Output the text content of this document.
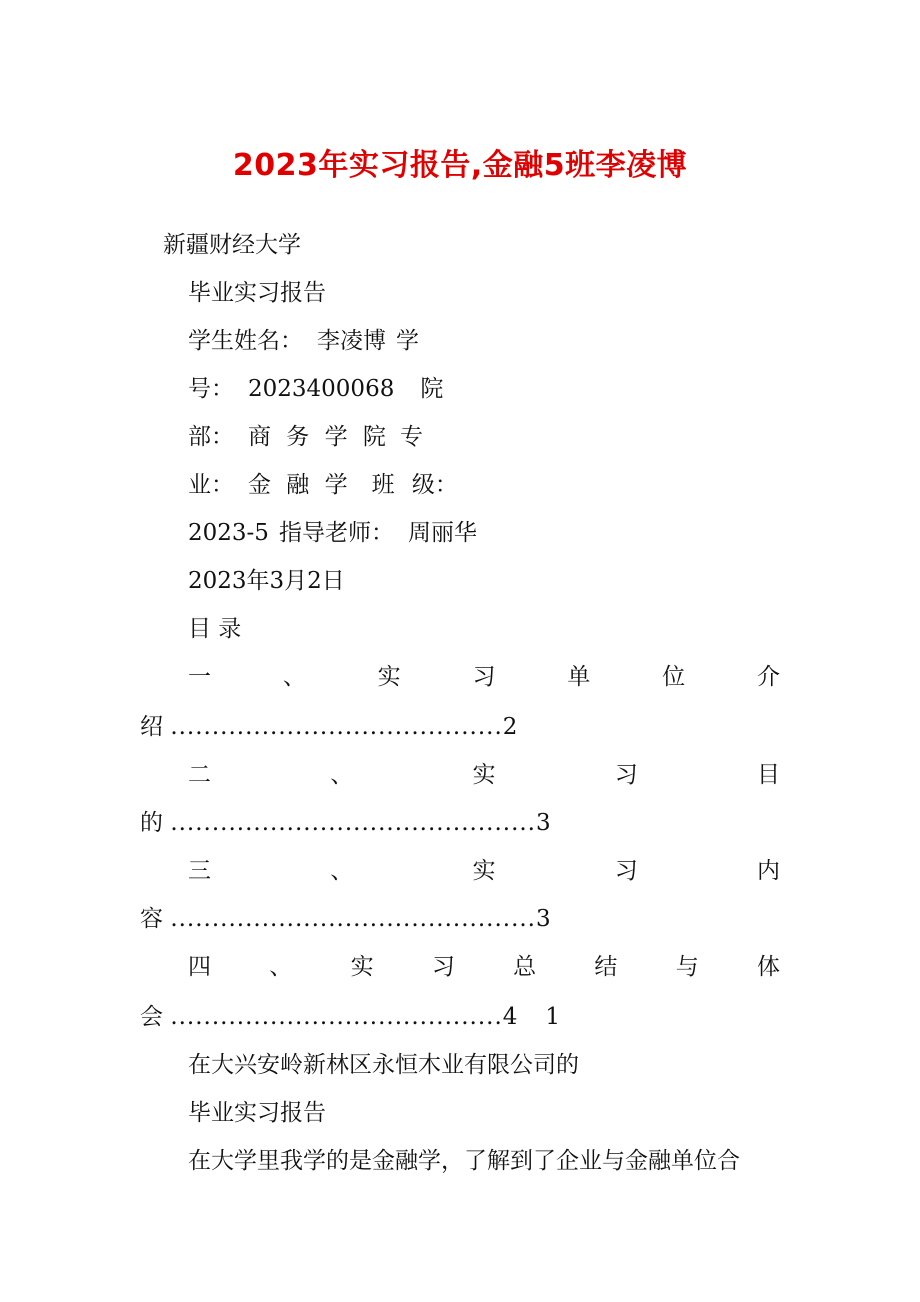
2023年实习报告,金融5班李凌博
新疆财经大学
毕业实习报告
学生姓名： 李凌博 学
号： 2023400068 院
部： 商 务 学 院 专
业： 金 融 学 班 级：
2023-5 指导老师： 周丽华
2023年3月2日
目 录
一	、	实	习	单	位	介
绍 ........................................2
二	、	实	习	目
的 ............................................3
三	、	实	习	内
容 ............................................3
四	、	实	习	总	结	与	体
会 ........................................4 1
在大兴安岭新林区永恒木业有限公司的
毕业实习报告
在大学里我学的是金融学，了解到了企业与金融单位合
